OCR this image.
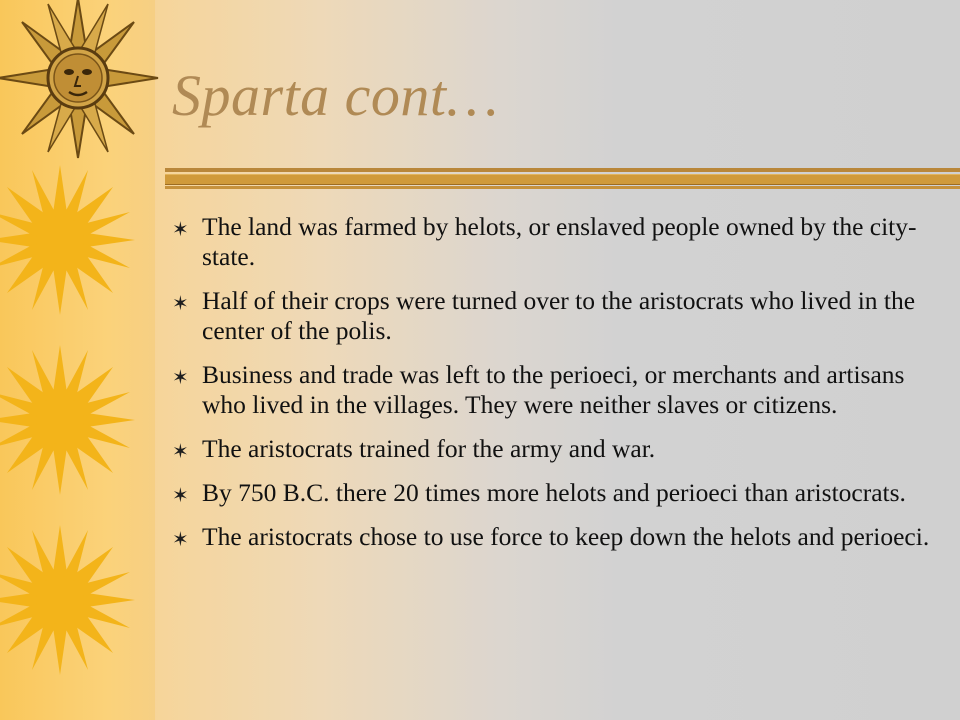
Sparta cont…
✶ The land was farmed by helots, or enslaved people owned by the city-state.
✶ Half of their crops were turned over to the aristocrats who lived in the center of the polis.
✶ Business and trade was left to the perioeci, or merchants and artisans who lived in the villages. They were neither slaves or citizens.
✶ The aristocrats trained for the army and war.
✶ By 750 B.C. there 20 times more helots and perioeci than aristocrats.
✶ The aristocrats chose to use force to keep down the helots and perioeci.
